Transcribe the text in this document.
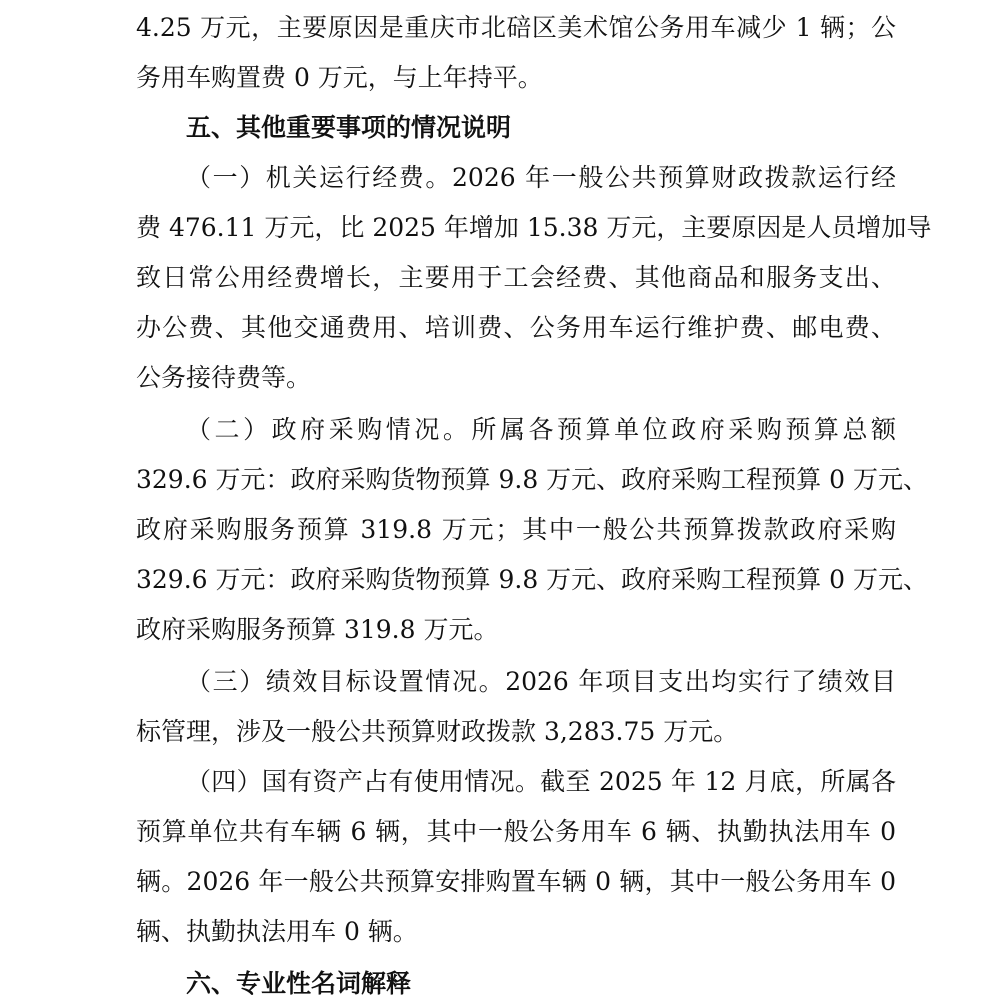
4.25 万元，主要原因是重庆市北碚区美术馆公务用车减少 1 辆；公

务用车购置费 0 万元，与上年持平。

五、其他重要事项的情况说明

（一）机关运行经费。2026 年一般公共预算财政拨款运行经

费 476.11 万元，比 2025 年增加 15.38 万元，主要原因是人员增加导

致日常公用经费增长，主要用于工会经费、其他商品和服务支出、

办公费、其他交通费用、培训费、公务用车运行维护费、邮电费、

公务接待费等。

（二）政府采购情况。所属各预算单位政府采购预算总额

329.6 万元：政府采购货物预算 9.8 万元、政府采购工程预算 0 万元、

政府采购服务预算 319.8 万元；其中一般公共预算拨款政府采购

329.6 万元：政府采购货物预算 9.8 万元、政府采购工程预算 0 万元、

政府采购服务预算 319.8 万元。

（三）绩效目标设置情况。2026 年项目支出均实行了绩效目

标管理，涉及一般公共预算财政拨款 3,283.75 万元。

（四）国有资产占有使用情况。截至 2025 年 12 月底，所属各

预算单位共有车辆 6 辆，其中一般公务用车 6 辆、执勤执法用车 0

辆。2026 年一般公共预算安排购置车辆 0 辆，其中一般公务用车 0

辆、执勤执法用车 0 辆。

六、专业性名词解释
